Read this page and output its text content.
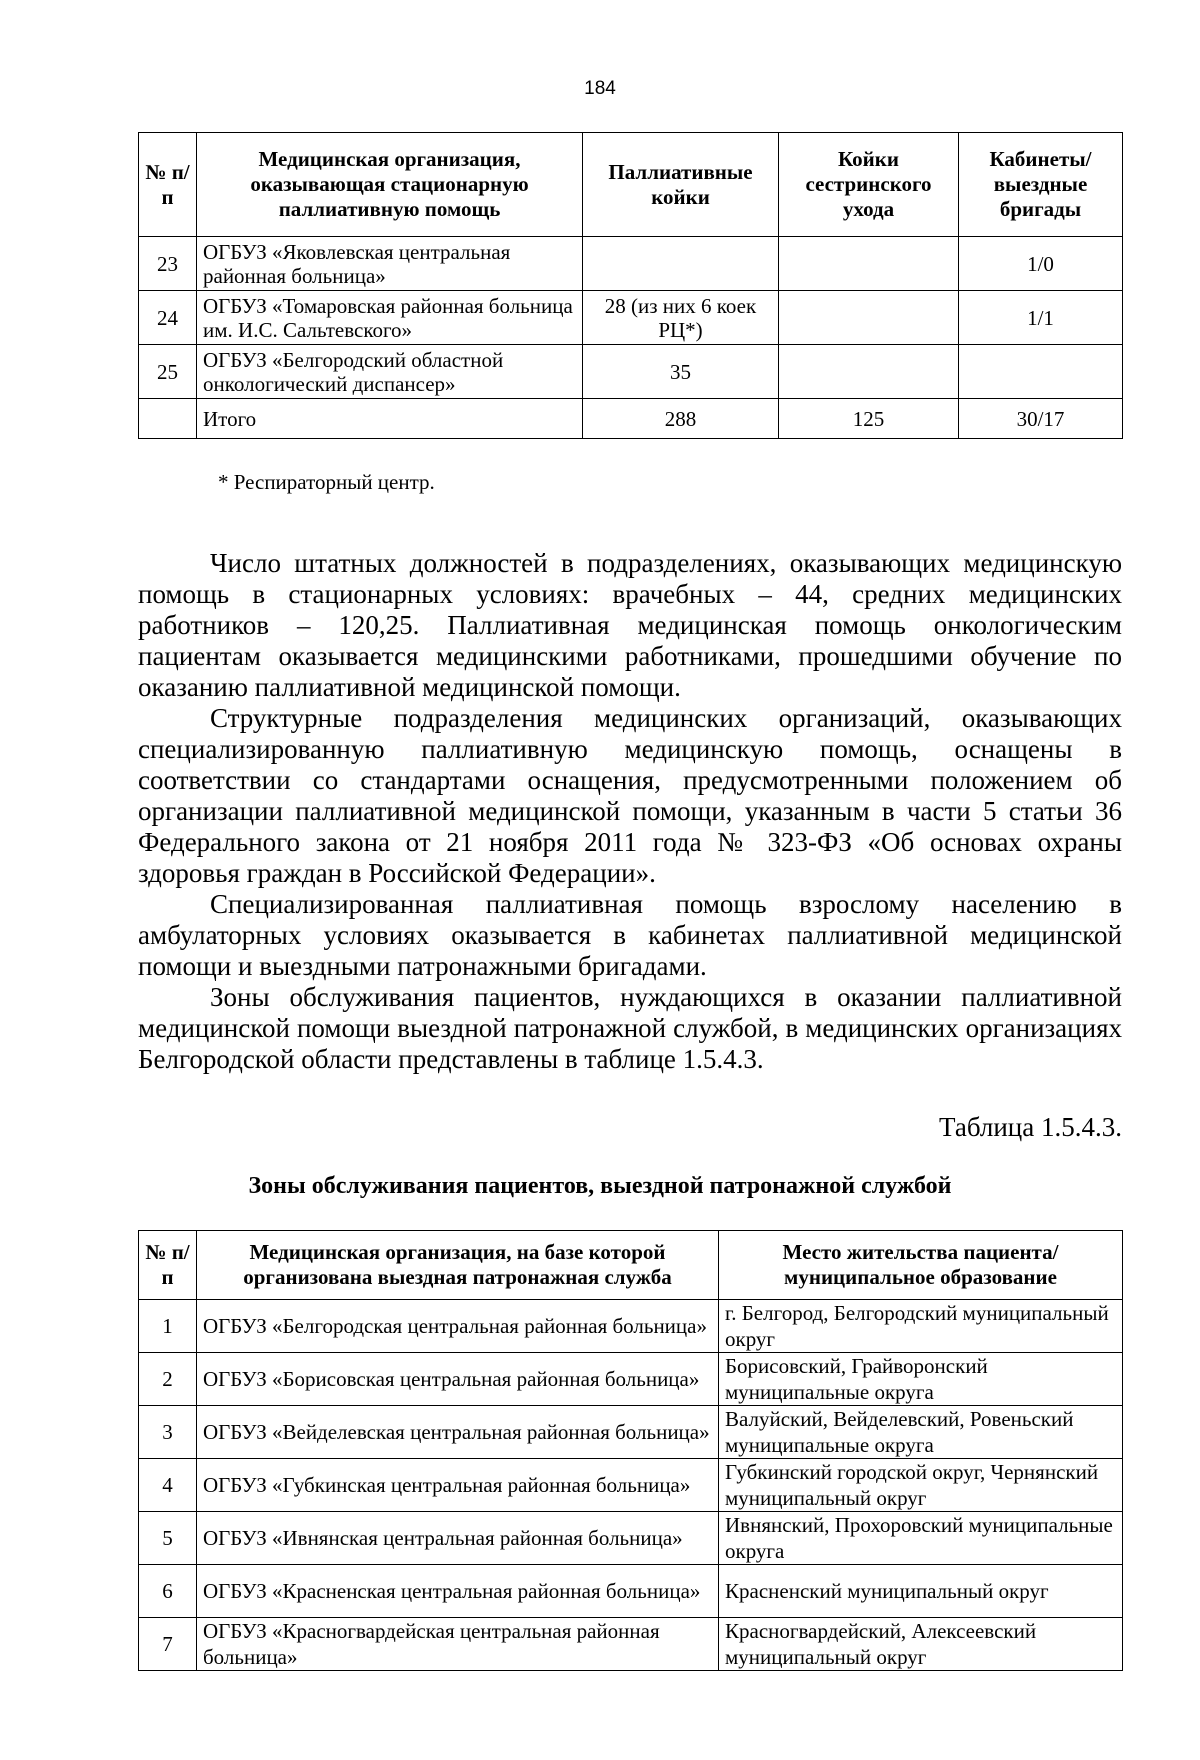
184
№ п/п	Медицинская организация, оказывающая стационарную паллиативную помощь	Паллиативные койки	Койки сестринского ухода	Кабинеты/ выездные бригады
23	ОГБУЗ «Яковлевская центральная районная больница»			1/0
24	ОГБУЗ «Томаровская районная больница им. И.С. Сальтевского»	28 (из них 6 коек РЦ*)		1/1
25	ОГБУЗ «Белгородский областной онкологический диспансер»	35		
	Итого	288	125	30/17
* Респираторный центр.

Число штатных должностей в подразделениях, оказывающих медицинскую помощь в стационарных условиях: врачебных – 44, средних медицинских работников – 120,25. Паллиативная медицинская помощь онкологическим пациентам оказывается медицинскими работниками, прошедшими обучение по оказанию паллиативной медицинской помощи.

Структурные подразделения медицинских организаций, оказывающих специализированную паллиативную медицинскую помощь, оснащены в соответствии со стандартами оснащения, предусмотренными положением об организации паллиативной медицинской помощи, указанным в части 5 статьи 36 Федерального закона от 21 ноября 2011 года № 323-ФЗ «Об основах охраны здоровья граждан в Российской Федерации».

Специализированная паллиативная помощь взрослому населению в амбулаторных условиях оказывается в кабинетах паллиативной медицинской помощи и выездными патронажными бригадами.

Зоны обслуживания пациентов, нуждающихся в оказании паллиативной медицинской помощи выездной патронажной службой, в медицинских организациях Белгородской области представлены в таблице 1.5.4.3.

Таблица 1.5.4.3.
Зоны обслуживания пациентов, выездной патронажной службой
№ п/п	Медицинская организация, на базе которой организована выездная патронажная служба	Место жительства пациента/ муниципальное образование
1	ОГБУЗ «Белгородская центральная районная больница»	г. Белгород, Белгородский муниципальный округ
2	ОГБУЗ «Борисовская центральная районная больница»	Борисовский, Грайворонский муниципальные округа
3	ОГБУЗ «Вейделевская центральная районная больница»	Валуйский, Вейделевский, Ровеньский муниципальные округа
4	ОГБУЗ «Губкинская центральная районная больница»	Губкинский городской округ, Чернянский муниципальный округ
5	ОГБУЗ «Ивнянская центральная районная больница»	Ивнянский, Прохоровский муниципальные округа
6	ОГБУЗ «Красненская центральная районная больница»	Красненский муниципальный округ
7	ОГБУЗ «Красногвардейская центральная районная больница»	Красногвардейский, Алексеевский муниципальный округ
